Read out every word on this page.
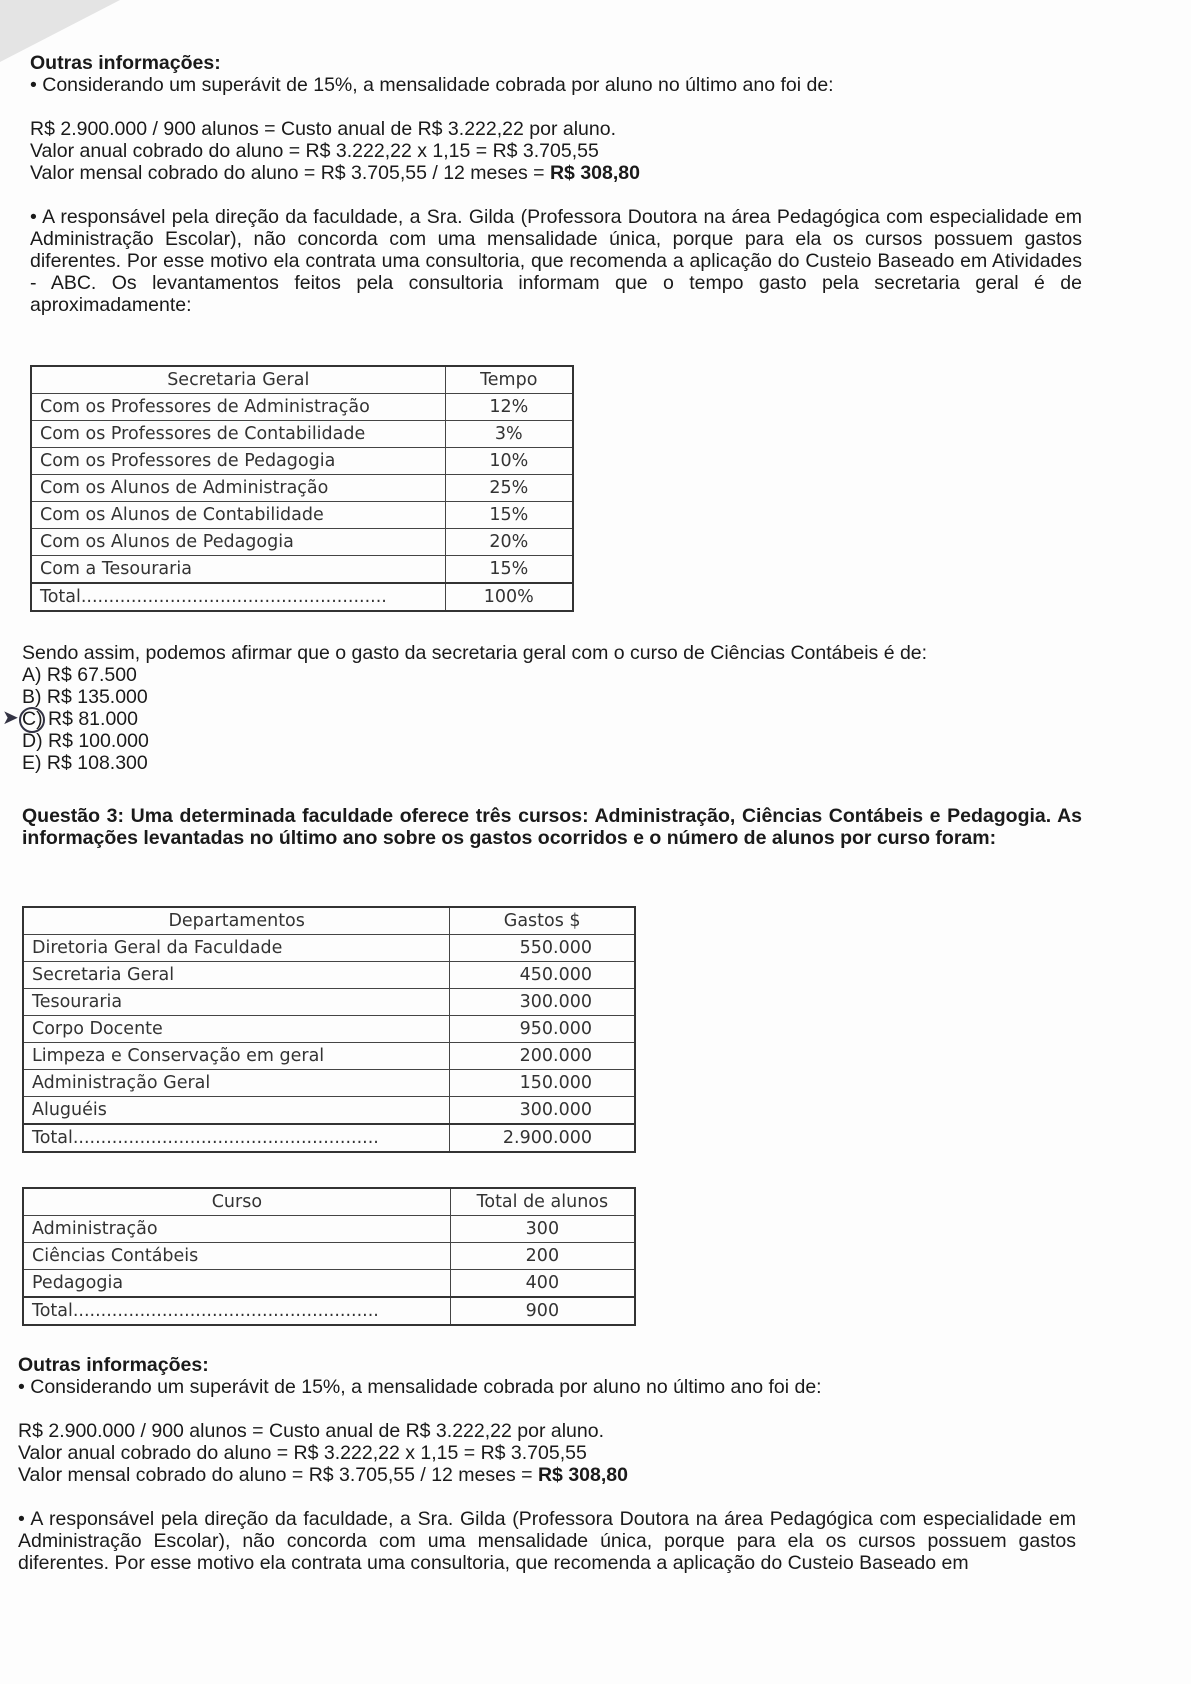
Outras informações:

• Considerando um superávit de 15%, a mensalidade cobrada por aluno no último ano foi de:

R$ 2.900.000 / 900 alunos = Custo anual de R$ 3.222,22 por aluno.

Valor anual cobrado do aluno = R$ 3.222,22 x 1,15 = R$ 3.705,55

Valor mensal cobrado do aluno = R$ 3.705,55 / 12 meses = R$ 308,80

• A responsável pela direção da faculdade, a Sra. Gilda (Professora Doutora na área Pedagógica com especialidade em Administração Escolar), não concorda com uma mensalidade única, porque para ela os cursos possuem gastos diferentes. Por esse motivo ela contrata uma consultoria, que recomenda a aplicação do Custeio Baseado em Atividades - ABC. Os levantamentos feitos pela consultoria informam que o tempo gasto pela secretaria geral é de aproximadamente:

Secretaria Geral	Tempo
Com os Professores de Administração	12%
Com os Professores de Contabilidade	3%
Com os Professores de Pedagogia	10%
Com os Alunos de Administração	25%
Com os Alunos de Contabilidade	15%
Com os Alunos de Pedagogia	20%
Com a Tesouraria	15%
Total.......................................................	100%

Sendo assim, podemos afirmar que o gasto da secretaria geral com o curso de Ciências Contábeis é de:

A) R$ 67.500

B) R$ 135.000

C) R$ 81.000

D) R$ 100.000

E) R$ 108.300

➤
Questão 3: Uma determinada faculdade oferece três cursos: Administração, Ciências Contábeis e Pedagogia. As informações levantadas no último ano sobre os gastos ocorridos e o número de alunos por curso foram:
Departamentos	Gastos $
Diretoria Geral da Faculdade	550.000
Secretaria Geral	450.000
Tesouraria	300.000
Corpo Docente	950.000
Limpeza e Conservação em geral	200.000
Administração Geral	150.000
Aluguéis	300.000
Total.......................................................	2.900.000
Curso	Total de alunos
Administração	300
Ciências Contábeis	200
Pedagogia	400
Total.......................................................	900

Outras informações:

• Considerando um superávit de 15%, a mensalidade cobrada por aluno no último ano foi de:

R$ 2.900.000 / 900 alunos = Custo anual de R$ 3.222,22 por aluno.

Valor anual cobrado do aluno = R$ 3.222,22 x 1,15 = R$ 3.705,55

Valor mensal cobrado do aluno = R$ 3.705,55 / 12 meses = R$ 308,80

• A responsável pela direção da faculdade, a Sra. Gilda (Professora Doutora na área Pedagógica com especialidade em Administração Escolar), não concorda com uma mensalidade única, porque para ela os cursos possuem gastos diferentes. Por esse motivo ela contrata uma consultoria, que recomenda a aplicação do Custeio Baseado em
